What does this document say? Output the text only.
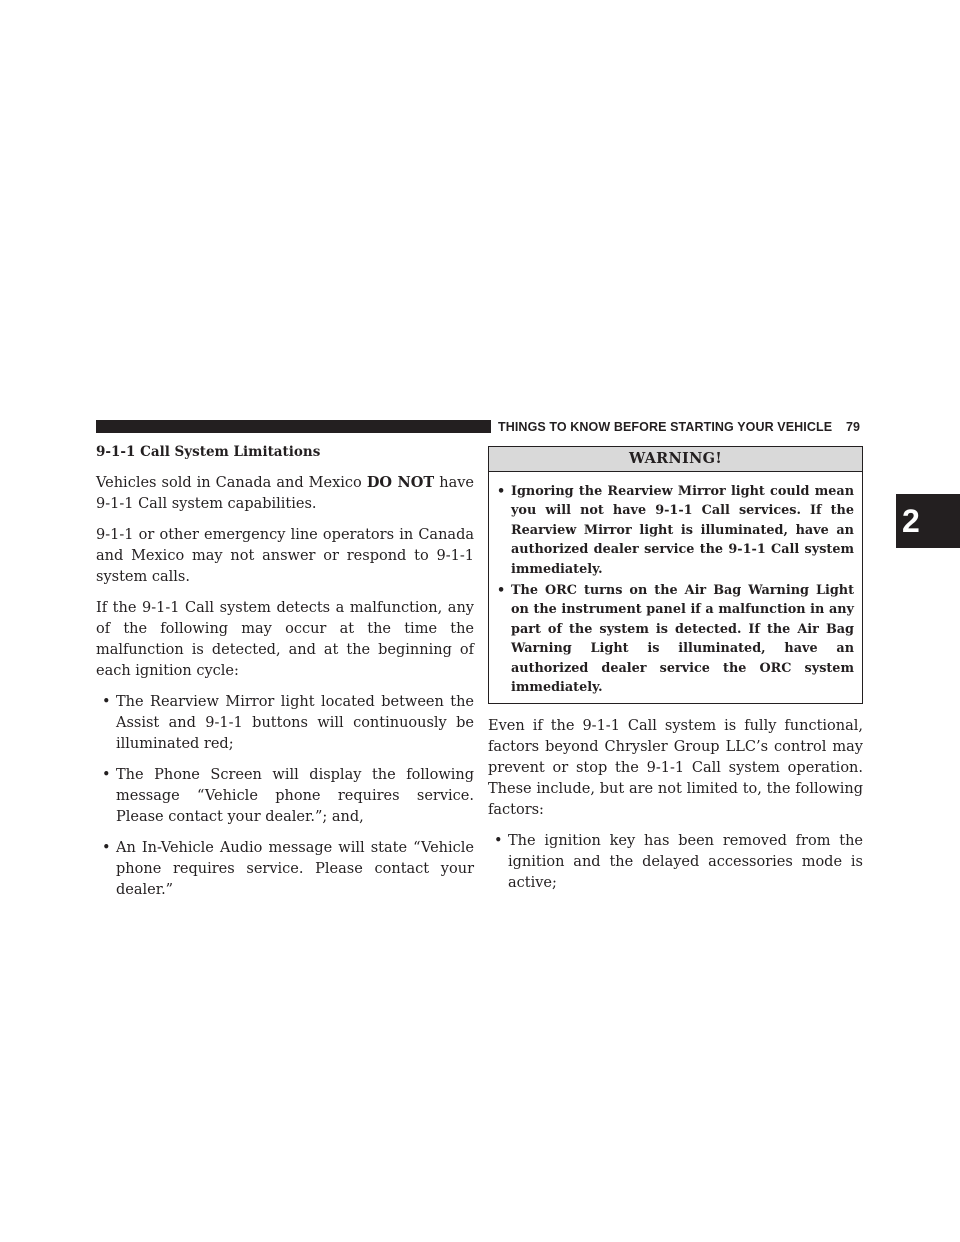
THINGS TO KNOW BEFORE STARTING YOUR VEHICLE 79
2

9-1-1 Call System Limitations

Vehicles sold in Canada and Mexico DO NOT have 9-1-1 Call system capabilities.

9-1-1 or other emergency line operators in Canada and Mexico may not answer or respond to 9-1-1 system calls.

If the 9-1-1 Call system detects a malfunction, any of the following may occur at the time the malfunction is detected, and at the beginning of each ignition cycle:

• The Rearview Mirror light located between the Assist and 9-1-1 buttons will continuously be illuminated red;
• The Phone Screen will display the following message “Vehicle phone requires service. Please contact your dealer.”; and,
• An In-Vehicle Audio message will state “Vehicle phone requires service. Please contact your dealer.”
WARNING!
• Ignoring the Rearview Mirror light could mean you will not have 9-1-1 Call services. If the Rearview Mirror light is illuminated, have an authorized dealer service the 9-1-1 Call system immediately.
• The ORC turns on the Air Bag Warning Light on the instrument panel if a malfunction in any part of the system is detected. If the Air Bag Warning Light is illuminated, have an authorized dealer service the ORC system immediately.

Even if the 9-1-1 Call system is fully functional, factors beyond Chrysler Group LLC’s control may prevent or stop the 9-1-1 Call system operation. These include, but are not limited to, the following factors:

• The ignition key has been removed from the ignition and the delayed accessories mode is active;
